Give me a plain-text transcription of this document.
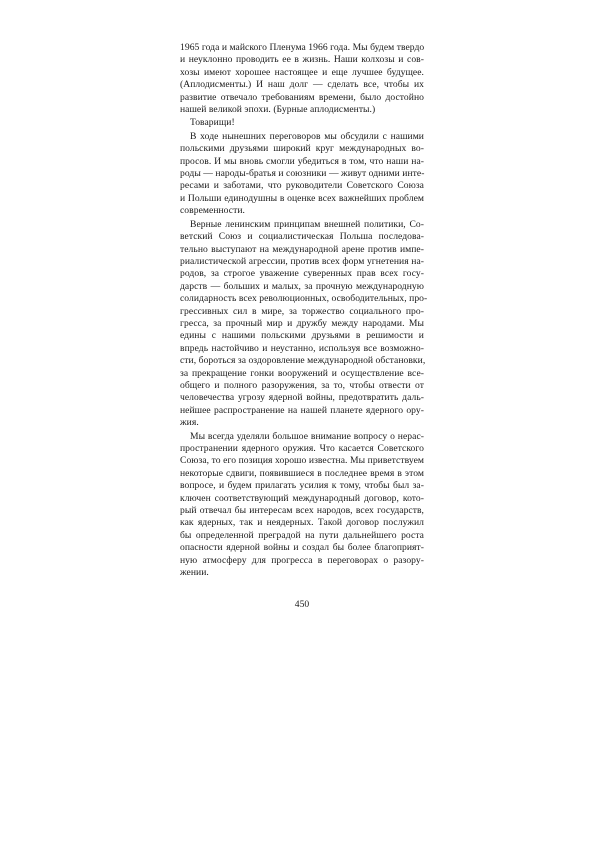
1965 года и майского Пленума 1966 года. Мы будем твердо
и неуклонно проводить ее в жизнь. Наши колхозы и сов-
хозы имеют хорошее настоящее и еще лучшее будущее.
(Аплодисменты.) И наш долг — сделать все, чтобы их
развитие отвечало требованиям времени, было достойно
нашей великой эпохи. (Бурные аплодисменты.)
Товарищи!
В ходе нынешних переговоров мы обсудили с нашими
польскими друзьями широкий круг международных во-
просов. И мы вновь смогли убедиться в том, что наши на-
роды — народы-братья и союзники — живут одними инте-
ресами и заботами, что руководители Советского Союза
и Польши единодушны в оценке всех важнейших проблем
современности.
Верные ленинским принципам внешней политики, Со-
ветский Союз и социалистическая Польша последова-
тельно выступают на международной арене против импе-
риалистической агрессии, против всех форм угнетения на-
родов, за строгое уважение суверенных прав всех госу-
дарств — больших и малых, за прочную международную
солидарность всех революционных, освободительных, про-
грессивных сил в мире, за торжество социального про-
гресса, за прочный мир и дружбу между народами. Мы
едины с нашими польскими друзьями в решимости и
впредь настойчиво и неустанно, используя все возможно-
сти, бороться за оздоровление международной обстановки,
за прекращение гонки вооружений и осуществление все-
общего и полного разоружения, за то, чтобы отвести от
человечества угрозу ядерной войны, предотвратить даль-
нейшее распространение на нашей планете ядерного ору-
жия.
Мы всегда уделяли большое внимание вопросу о нерас-
пространении ядерного оружия. Что касается Советского
Союза, то его позиция хорошо известна. Мы приветствуем
некоторые сдвиги, появившиеся в последнее время в этом
вопросе, и будем прилагать усилия к тому, чтобы был за-
ключен соответствующий международный договор, кото-
рый отвечал бы интересам всех народов, всех государств,
как ядерных, так и неядерных. Такой договор послужил
бы определенной преградой на пути дальнейшего роста
опасности ядерной войны и создал бы более благоприят-
ную атмосферу для прогресса в переговорах о разору-
жении.
450
